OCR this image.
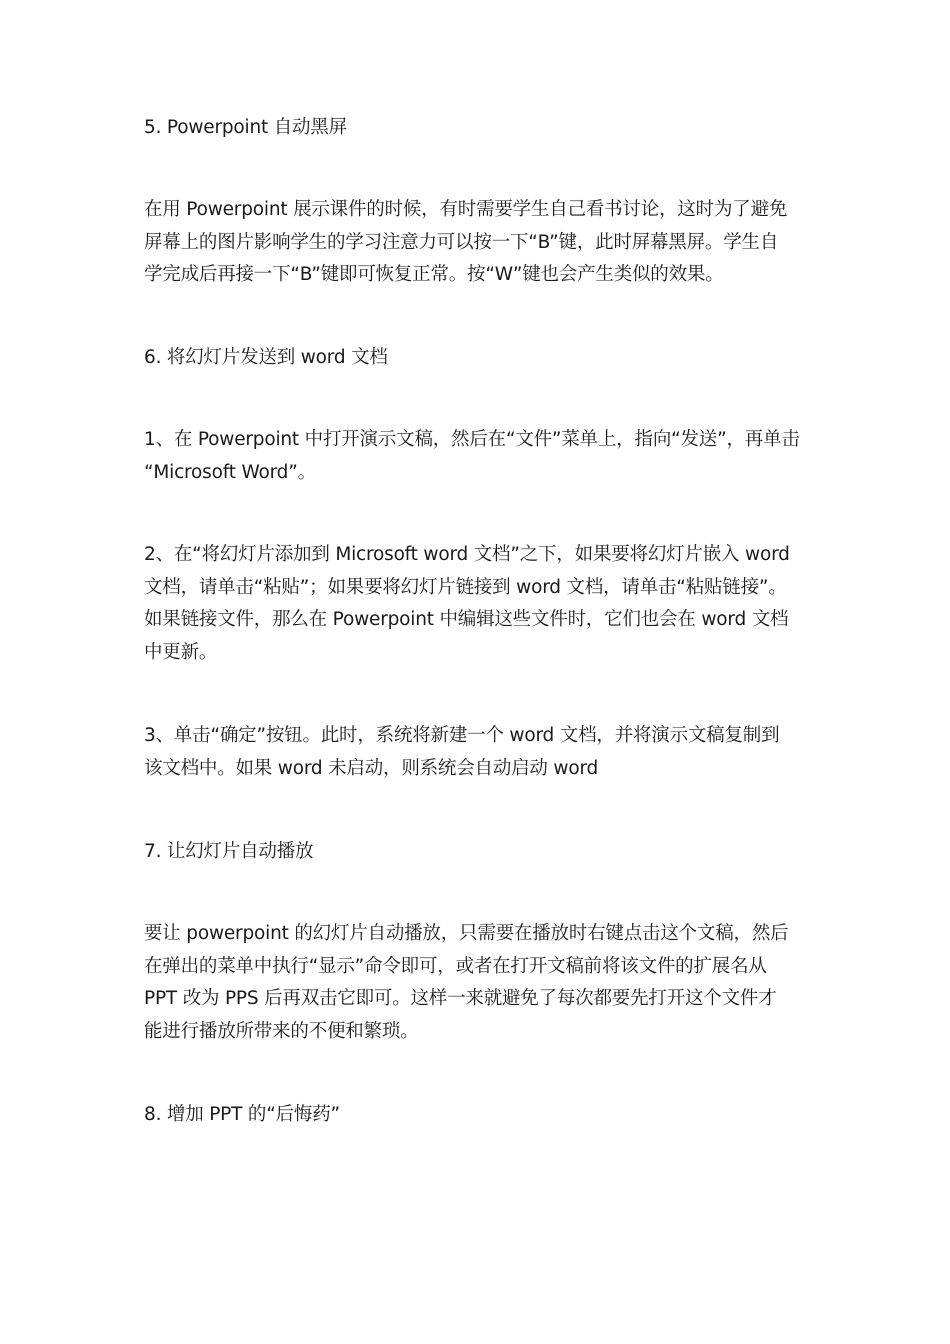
5. Powerpoint 自动黑屏
在用 Powerpoint 展示课件的时候，有时需要学生自己看书讨论，这时为了避免
屏幕上的图片影响学生的学习注意力可以按一下“B”键，此时屏幕黑屏。学生自
学完成后再接一下“B”键即可恢复正常。按“W”键也会产生类似的效果。
6. 将幻灯片发送到 word 文档
1、在 Powerpoint 中打开演示文稿，然后在“文件”菜单上，指向“发送”，再单击
“Microsoft Word”。
2、在“将幻灯片添加到 Microsoft word 文档”之下，如果要将幻灯片嵌入 word
文档，请单击“粘贴”；如果要将幻灯片链接到 word 文档，请单击“粘贴链接”。
如果链接文件，那么在 Powerpoint 中编辑这些文件时，它们也会在 word 文档
中更新。
3、单击“确定”按钮。此时，系统将新建一个 word 文档，并将演示文稿复制到
该文档中。如果 word 未启动，则系统会自动启动 word
7. 让幻灯片自动播放
要让 powerpoint 的幻灯片自动播放，只需要在播放时右键点击这个文稿，然后
在弹出的菜单中执行“显示”命令即可，或者在打开文稿前将该文件的扩展名从
PPT 改为 PPS 后再双击它即可。这样一来就避免了每次都要先打开这个文件才
能进行播放所带来的不便和繁琐。
8. 增加 PPT 的“后悔药”
